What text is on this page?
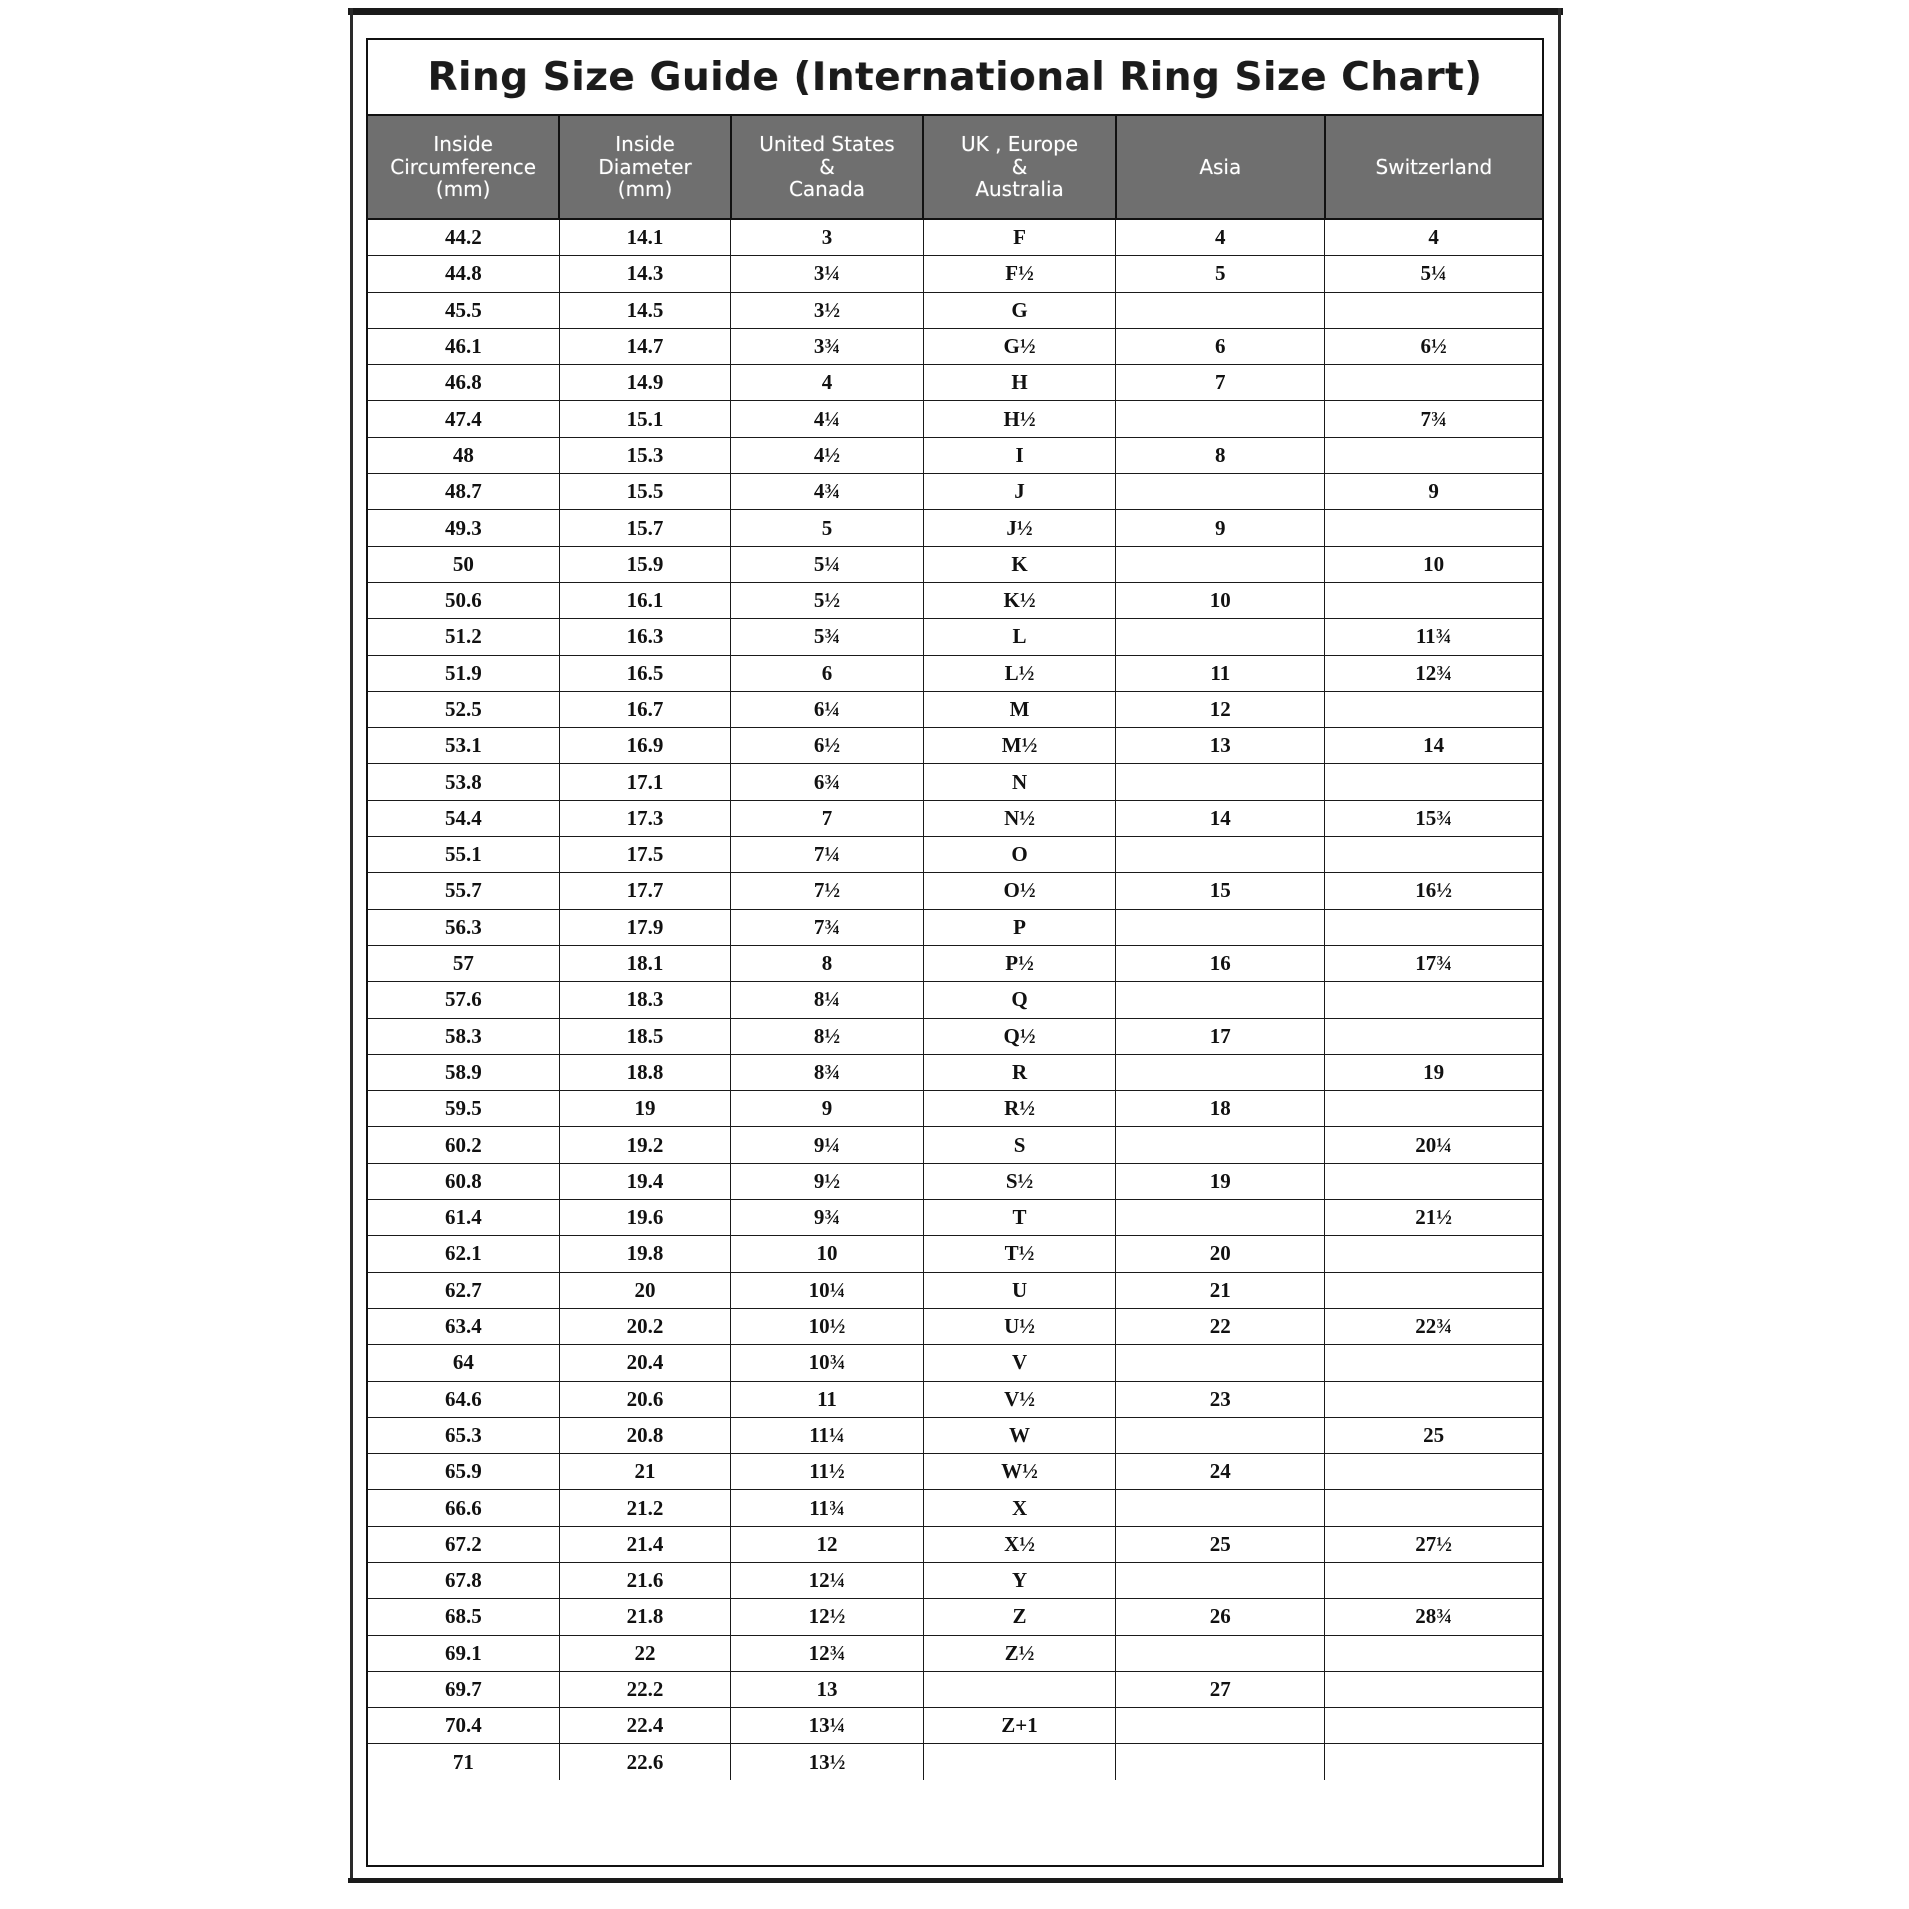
Ring Size Guide (International Ring Size Chart)
Inside
Circumference
(mm)	Inside
Diameter
(mm)	United States
&
Canada	UK , Europe
&
Australia	Asia	Switzerland

44.2	14.1	3	F	4	4
44.8	14.3	3¼	F½	5	5¼
45.5	14.5	3½	G		
46.1	14.7	3¾	G½	6	6½
46.8	14.9	4	H	7	
47.4	15.1	4¼	H½		7¾
48	15.3	4½	I	8	
48.7	15.5	4¾	J		9
49.3	15.7	5	J½	9	
50	15.9	5¼	K		10
50.6	16.1	5½	K½	10	
51.2	16.3	5¾	L		11¾
51.9	16.5	6	L½	11	12¾
52.5	16.7	6¼	M	12	
53.1	16.9	6½	M½	13	14
53.8	17.1	6¾	N		
54.4	17.3	7	N½	14	15¾
55.1	17.5	7¼	O		
55.7	17.7	7½	O½	15	16½
56.3	17.9	7¾	P		
57	18.1	8	P½	16	17¾
57.6	18.3	8¼	Q		
58.3	18.5	8½	Q½	17	
58.9	18.8	8¾	R		19
59.5	19	9	R½	18	
60.2	19.2	9¼	S		20¼
60.8	19.4	9½	S½	19	
61.4	19.6	9¾	T		21½
62.1	19.8	10	T½	20	
62.7	20	10¼	U	21	
63.4	20.2	10½	U½	22	22¾
64	20.4	10¾	V		
64.6	20.6	11	V½	23	
65.3	20.8	11¼	W		25
65.9	21	11½	W½	24	
66.6	21.2	11¾	X		
67.2	21.4	12	X½	25	27½
67.8	21.6	12¼	Y		
68.5	21.8	12½	Z	26	28¾
69.1	22	12¾	Z½		
69.7	22.2	13		27	
70.4	22.4	13¼	Z+1		
71	22.6	13½			
